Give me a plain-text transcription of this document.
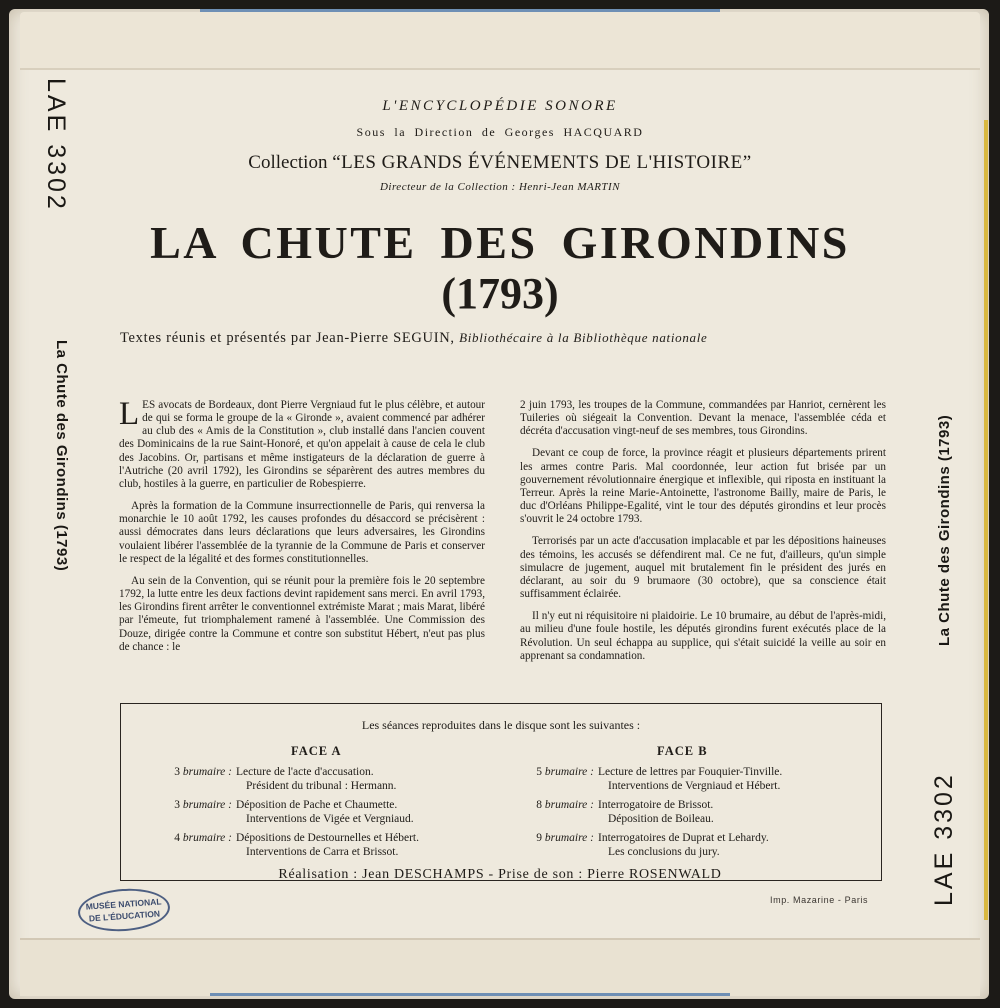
LAE 3302
La Chute des Girondins (1793)	La Chute des Girondins (1793)
LAE 3302
L'ENCYCLOPÉDIE SONORE
Sous la Direction de Georges HACQUARD
Collection “LES GRANDS ÉVÉNEMENTS DE L'HISTOIRE”
Directeur de la Collection : Henri-Jean MARTIN
LA CHUTE DES GIRONDINS
(1793)
Textes réunis et présentés par Jean-Pierre SEGUIN, Bibliothécaire à la Bibliothèque nationale

LES avocats de Bordeaux, dont Pierre Vergniaud fut le plus célèbre, et autour de qui se forma le groupe de la « Gironde », avaient commencé par adhérer au club des « Amis de la Constitution », club installé dans l'ancien couvent des Dominicains de la rue Saint-Honoré, et qu'on appelait à cause de cela le club des Jacobins. Or, partisans et même instigateurs de la déclaration de guerre à l'Autriche (20 avril 1792), les Girondins se séparèrent des autres membres du club, hostiles à la guerre, en particulier de Robespierre.

Après la formation de la Commune insurrectionnelle de Paris, qui renversa la monarchie le 10 août 1792, les causes profondes du désaccord se précisèrent : aussi démocrates dans leurs déclarations que leurs adversaires, les Girondins voulaient libérer l'assemblée de la tyrannie de la Commune de Paris et conserver le respect de la légalité et des formes constitutionnelles.

Au sein de la Convention, qui se réunit pour la première fois le 20 septembre 1792, la lutte entre les deux factions devint rapidement sans merci. En avril 1793, les Girondins firent arrêter le conventionnel extrémiste Marat ; mais Marat, libéré par l'émeute, fut triomphalement ramené à l'assemblée. Une Commission des Douze, dirigée contre la Commune et contre son substitut Hébert, n'eut pas plus de chance : le

2 juin 1793, les troupes de la Commune, commandées par Hanriot, cernèrent les Tuileries où siégeait la Convention. Devant la menace, l'assemblée céda et décréta d'accusation vingt-neuf de ses membres, tous Girondins.

Devant ce coup de force, la province réagit et plusieurs départements prirent les armes contre Paris. Mal coordonnée, leur action fut brisée par un gouvernement révolutionnaire énergique et inflexible, qui riposta en instituant la Terreur. Après la reine Marie-Antoinette, l'astronome Bailly, maire de Paris, le duc d'Orléans Philippe-Egalité, vint le tour des députés girondins et leur procès s'ouvrit le 24 octobre 1793.

Terrorisés par un acte d'accusation implacable et par les dépositions haineuses des témoins, les accusés se défendirent mal. Ce ne fut, d'ailleurs, qu'un simple simulacre de jugement, auquel mit brutalement fin le président des jurés en déclarant, au soir du 9 brumaore (30 octobre), que sa conscience était suffisamment éclairée.

Il n'y eut ni réquisitoire ni plaidoirie. Le 10 brumaire, au début de l'après-midi, au milieu d'une foule hostile, les députés girondins furent exécutés place de la Révolution. Un seul échappa au supplice, qui s'était suicidé la veille au soir en apprenant sa condamnation.

Les séances reproduites dans le disque sont les suivantes :
FACE A	FACE B
3 brumaire : Lecture de l'acte d'accusation.
Président du tribunal : Hermann.
3 brumaire : Déposition de Pache et Chaumette.
Interventions de Vigée et Vergniaud.
4 brumaire : Dépositions de Destournelles et Hébert.
Interventions de Carra et Brissot.
5 brumaire : Lecture de lettres par Fouquier-Tinville.
Interventions de Vergniaud et Hébert.
8 brumaire : Interrogatoire de Brissot.
Déposition de Boileau.
9 brumaire : Interrogatoires de Duprat et Lehardy.
Les conclusions du jury.
Réalisation : Jean DESCHAMPS - Prise de son : Pierre ROSENWALD
MUSÉE NATIONAL
DE L'ÉDUCATION
Imp. Mazarine - Paris
